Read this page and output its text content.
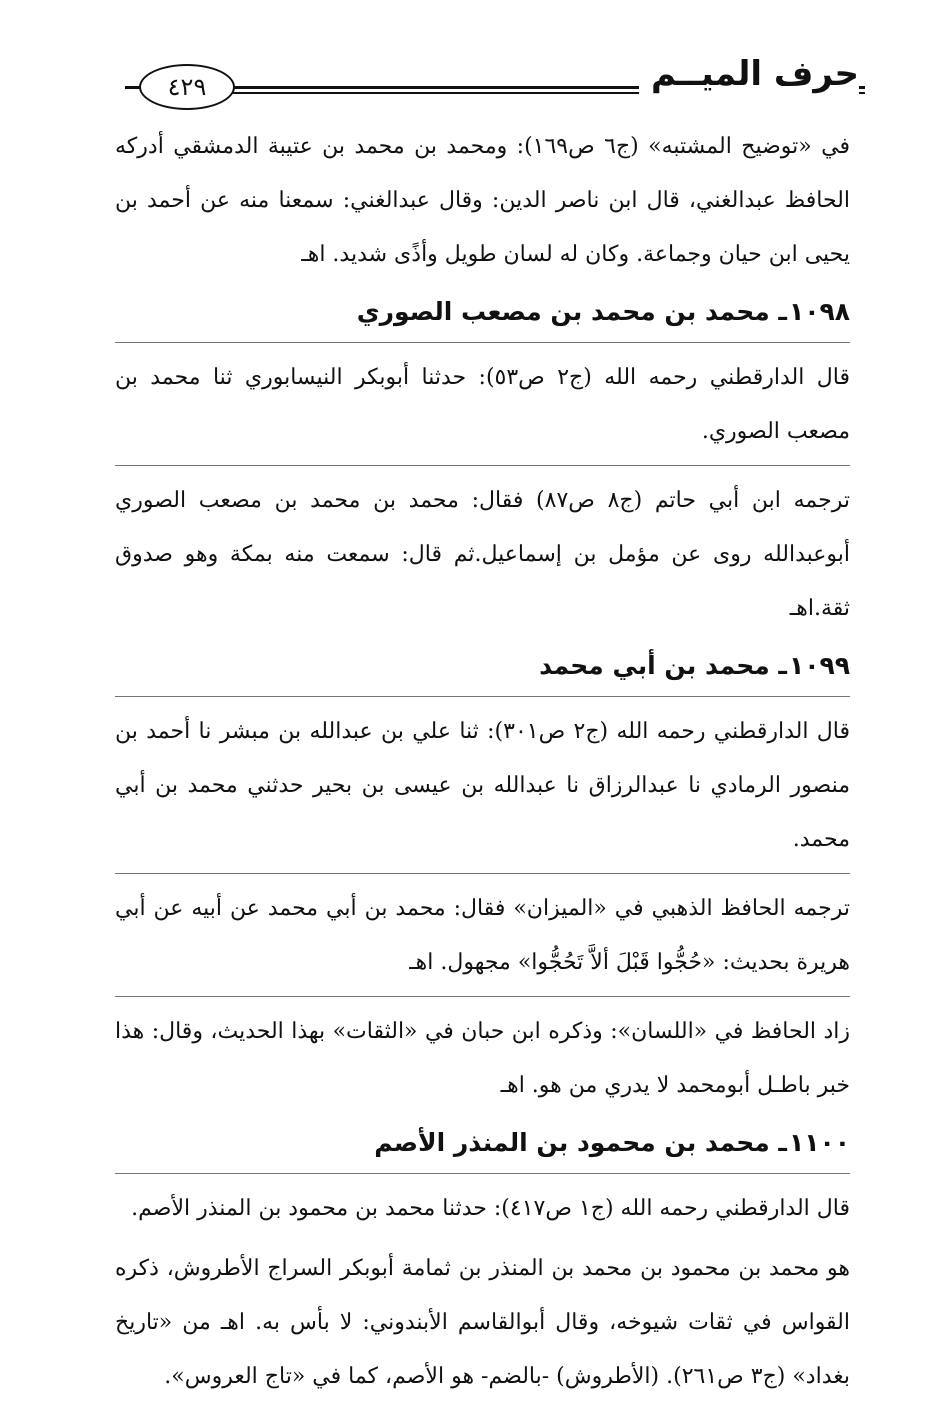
٤٢٩	حرف الميــم

في «توضيح المشتبه» (ج٦ ص١٦٩): ومحمد بن محمد بن عتيبة الدمشقي أدركه الحافظ عبدالغني، قال ابن ناصر الدين: وقال عبدالغني: سمعنا منه عن أحمد بن يحيى ابن حيان وجماعة. وكان له لسان طويل وأذًى شديد. اهـ

١٠٩٨ـ محمد بن محمد بن مصعب الصوري

قال الدارقطني رحمه الله (ج٢ ص٥٣): حدثنا أبوبكر النيسابوري ثنا محمد بن مصعب الصوري.

ترجمه ابن أبي حاتم (ج٨ ص٨٧) فقال: محمد بن محمد بن مصعب الصوري أبوعبدالله روى عن مؤمل بن إسماعيل.ثم قال: سمعت منه بمكة وهو صدوق ثقة.اهـ

١٠٩٩ـ محمد بن أبي محمد

قال الدارقطني رحمه الله (ج٢ ص٣٠١): ثنا علي بن عبدالله بن مبشر نا أحمد بن منصور الرمادي نا عبدالرزاق نا عبدالله بن عيسى بن بحير حدثني محمد بن أبي محمد.

ترجمه الحافظ الذهبي في «الميزان» فقال: محمد بن أبي محمد عن أبيه عن أبي هريرة بحديث: «حُجُّوا قَبْلَ ألاَّ تَحُجُّوا» مجهول. اهـ

زاد الحافظ في «اللسان»: وذكره ابن حبان في «الثقات» بهذا الحديث، وقال: هذا خبر باطـل أبومحمد لا يدري من هو. اهـ

١١٠٠ـ محمد بن محمود بن المنذر الأصم

قال الدارقطني رحمه الله (ج١ ص٤١٧): حدثنا محمد بن محمود بن المنذر الأصم.

هو محمد بن محمود بن محمد بن المنذر بن ثمامة أبوبكر السراج الأطروش، ذكره القواس في ثقات شيوخه، وقال أبوالقاسم الأبندوني: لا بأس به. اهـ من «تاريخ بغداد» (ج٣ ص٢٦١). (الأطروش) -بالضم- هو الأصم، كما في «تاج العروس».
